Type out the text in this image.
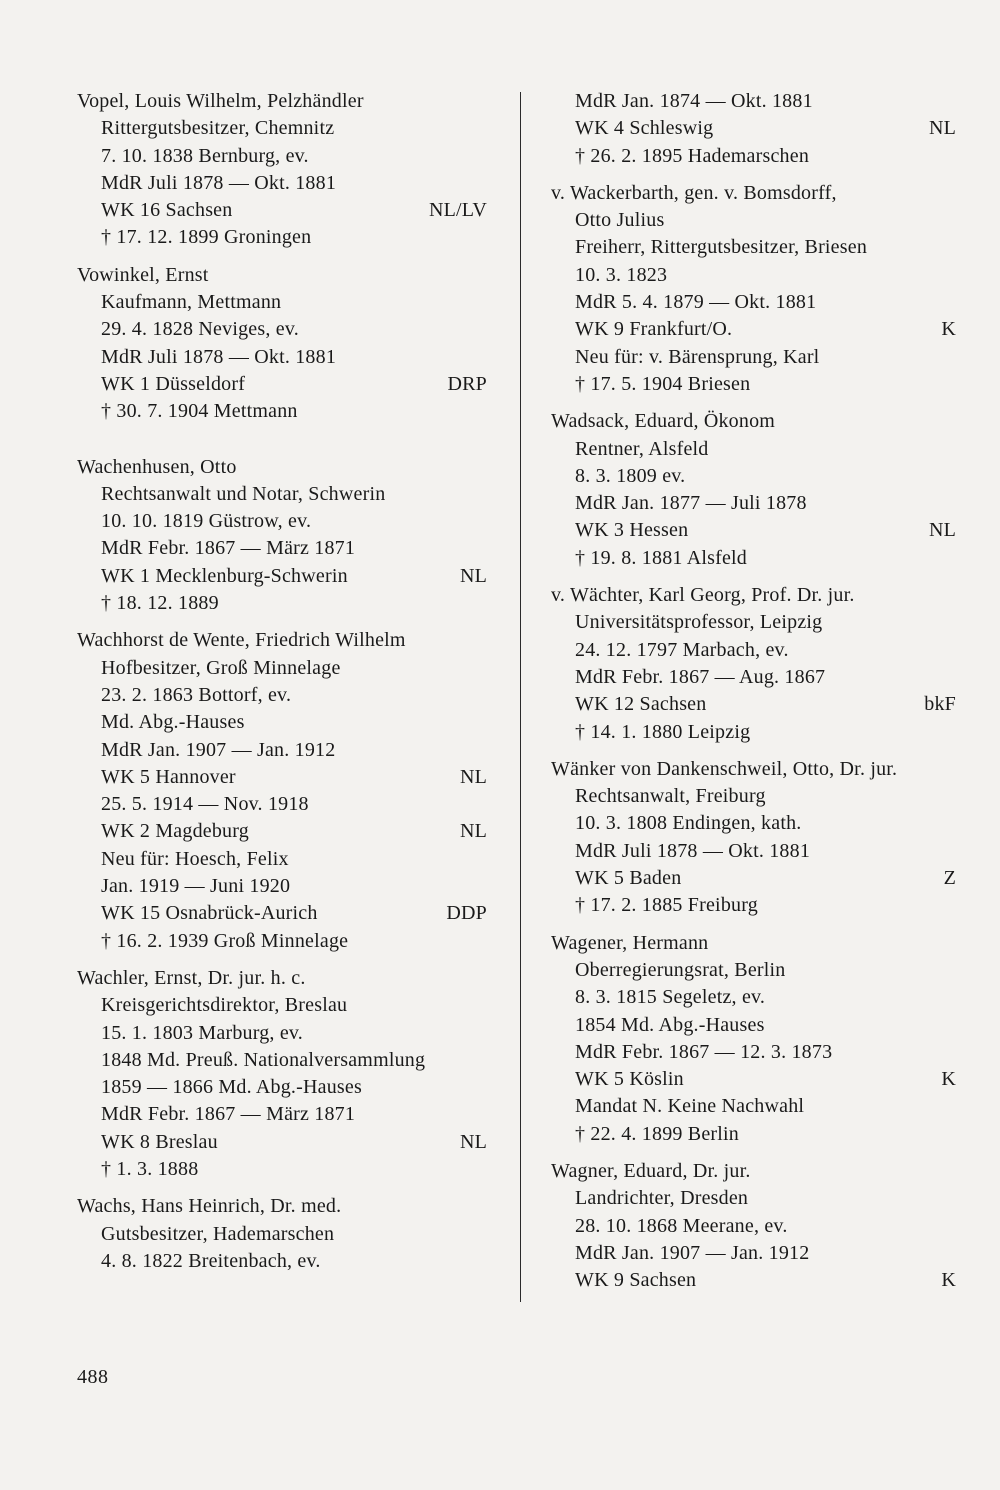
Vopel, Louis Wilhelm, Pelzhändler
Rittergutsbesitzer, Chemnitz
7. 10. 1838 Bernburg, ev.
MdR Juli 1878 — Okt. 1881
WK 16 Sachsen	NL/LV
† 17. 12. 1899 Groningen
Vowinkel, Ernst
Kaufmann, Mettmann
29. 4. 1828 Neviges, ev.
MdR Juli 1878 — Okt. 1881
WK 1 Düsseldorf	DRP
† 30. 7. 1904 Mettmann
Wachenhusen, Otto
Rechtsanwalt und Notar, Schwerin
10. 10. 1819 Güstrow, ev.
MdR Febr. 1867 — März 1871
WK 1 Mecklenburg-Schwerin	NL
† 18. 12. 1889
Wachhorst de Wente, Friedrich Wilhelm
Hofbesitzer, Groß Minnelage
23. 2. 1863 Bottorf, ev.
Md. Abg.-Hauses
MdR Jan. 1907 — Jan. 1912
WK 5 Hannover	NL
25. 5. 1914 — Nov. 1918
WK 2 Magdeburg	NL
Neu für: Hoesch, Felix
Jan. 1919 — Juni 1920
WK 15 Osnabrück-Aurich	DDP
† 16. 2. 1939 Groß Minnelage
Wachler, Ernst, Dr. jur. h. c.
Kreisgerichtsdirektor, Breslau
15. 1. 1803 Marburg, ev.
1848 Md. Preuß. Nationalversammlung
1859 — 1866 Md. Abg.-Hauses
MdR Febr. 1867 — März 1871
WK 8 Breslau	NL
† 1. 3. 1888
Wachs, Hans Heinrich, Dr. med.
Gutsbesitzer, Hademarschen
4. 8. 1822 Breitenbach, ev.
MdR Jan. 1874 — Okt. 1881
WK 4 Schleswig	NL
† 26. 2. 1895 Hademarschen
v. Wackerbarth, gen. v. Bomsdorff,
Otto Julius
Freiherr, Rittergutsbesitzer, Briesen
10. 3. 1823
MdR 5. 4. 1879 — Okt. 1881
WK 9 Frankfurt/O.	K
Neu für: v. Bärensprung, Karl
† 17. 5. 1904 Briesen
Wadsack, Eduard, Ökonom
Rentner, Alsfeld
8. 3. 1809 ev.
MdR Jan. 1877 — Juli 1878
WK 3 Hessen	NL
† 19. 8. 1881 Alsfeld
v. Wächter, Karl Georg, Prof. Dr. jur.
Universitätsprofessor, Leipzig
24. 12. 1797 Marbach, ev.
MdR Febr. 1867 — Aug. 1867
WK 12 Sachsen	bkF
† 14. 1. 1880 Leipzig
Wänker von Dankenschweil, Otto, Dr. jur.
Rechtsanwalt, Freiburg
10. 3. 1808 Endingen, kath.
MdR Juli 1878 — Okt. 1881
WK 5 Baden	Z
† 17. 2. 1885 Freiburg
Wagener, Hermann
Oberregierungsrat, Berlin
8. 3. 1815 Segeletz, ev.
1854 Md. Abg.-Hauses
MdR Febr. 1867 — 12. 3. 1873
WK 5 Köslin	K
Mandat N. Keine Nachwahl
† 22. 4. 1899 Berlin
Wagner, Eduard, Dr. jur.
Landrichter, Dresden
28. 10. 1868 Meerane, ev.
MdR Jan. 1907 — Jan. 1912
WK 9 Sachsen	K
488
